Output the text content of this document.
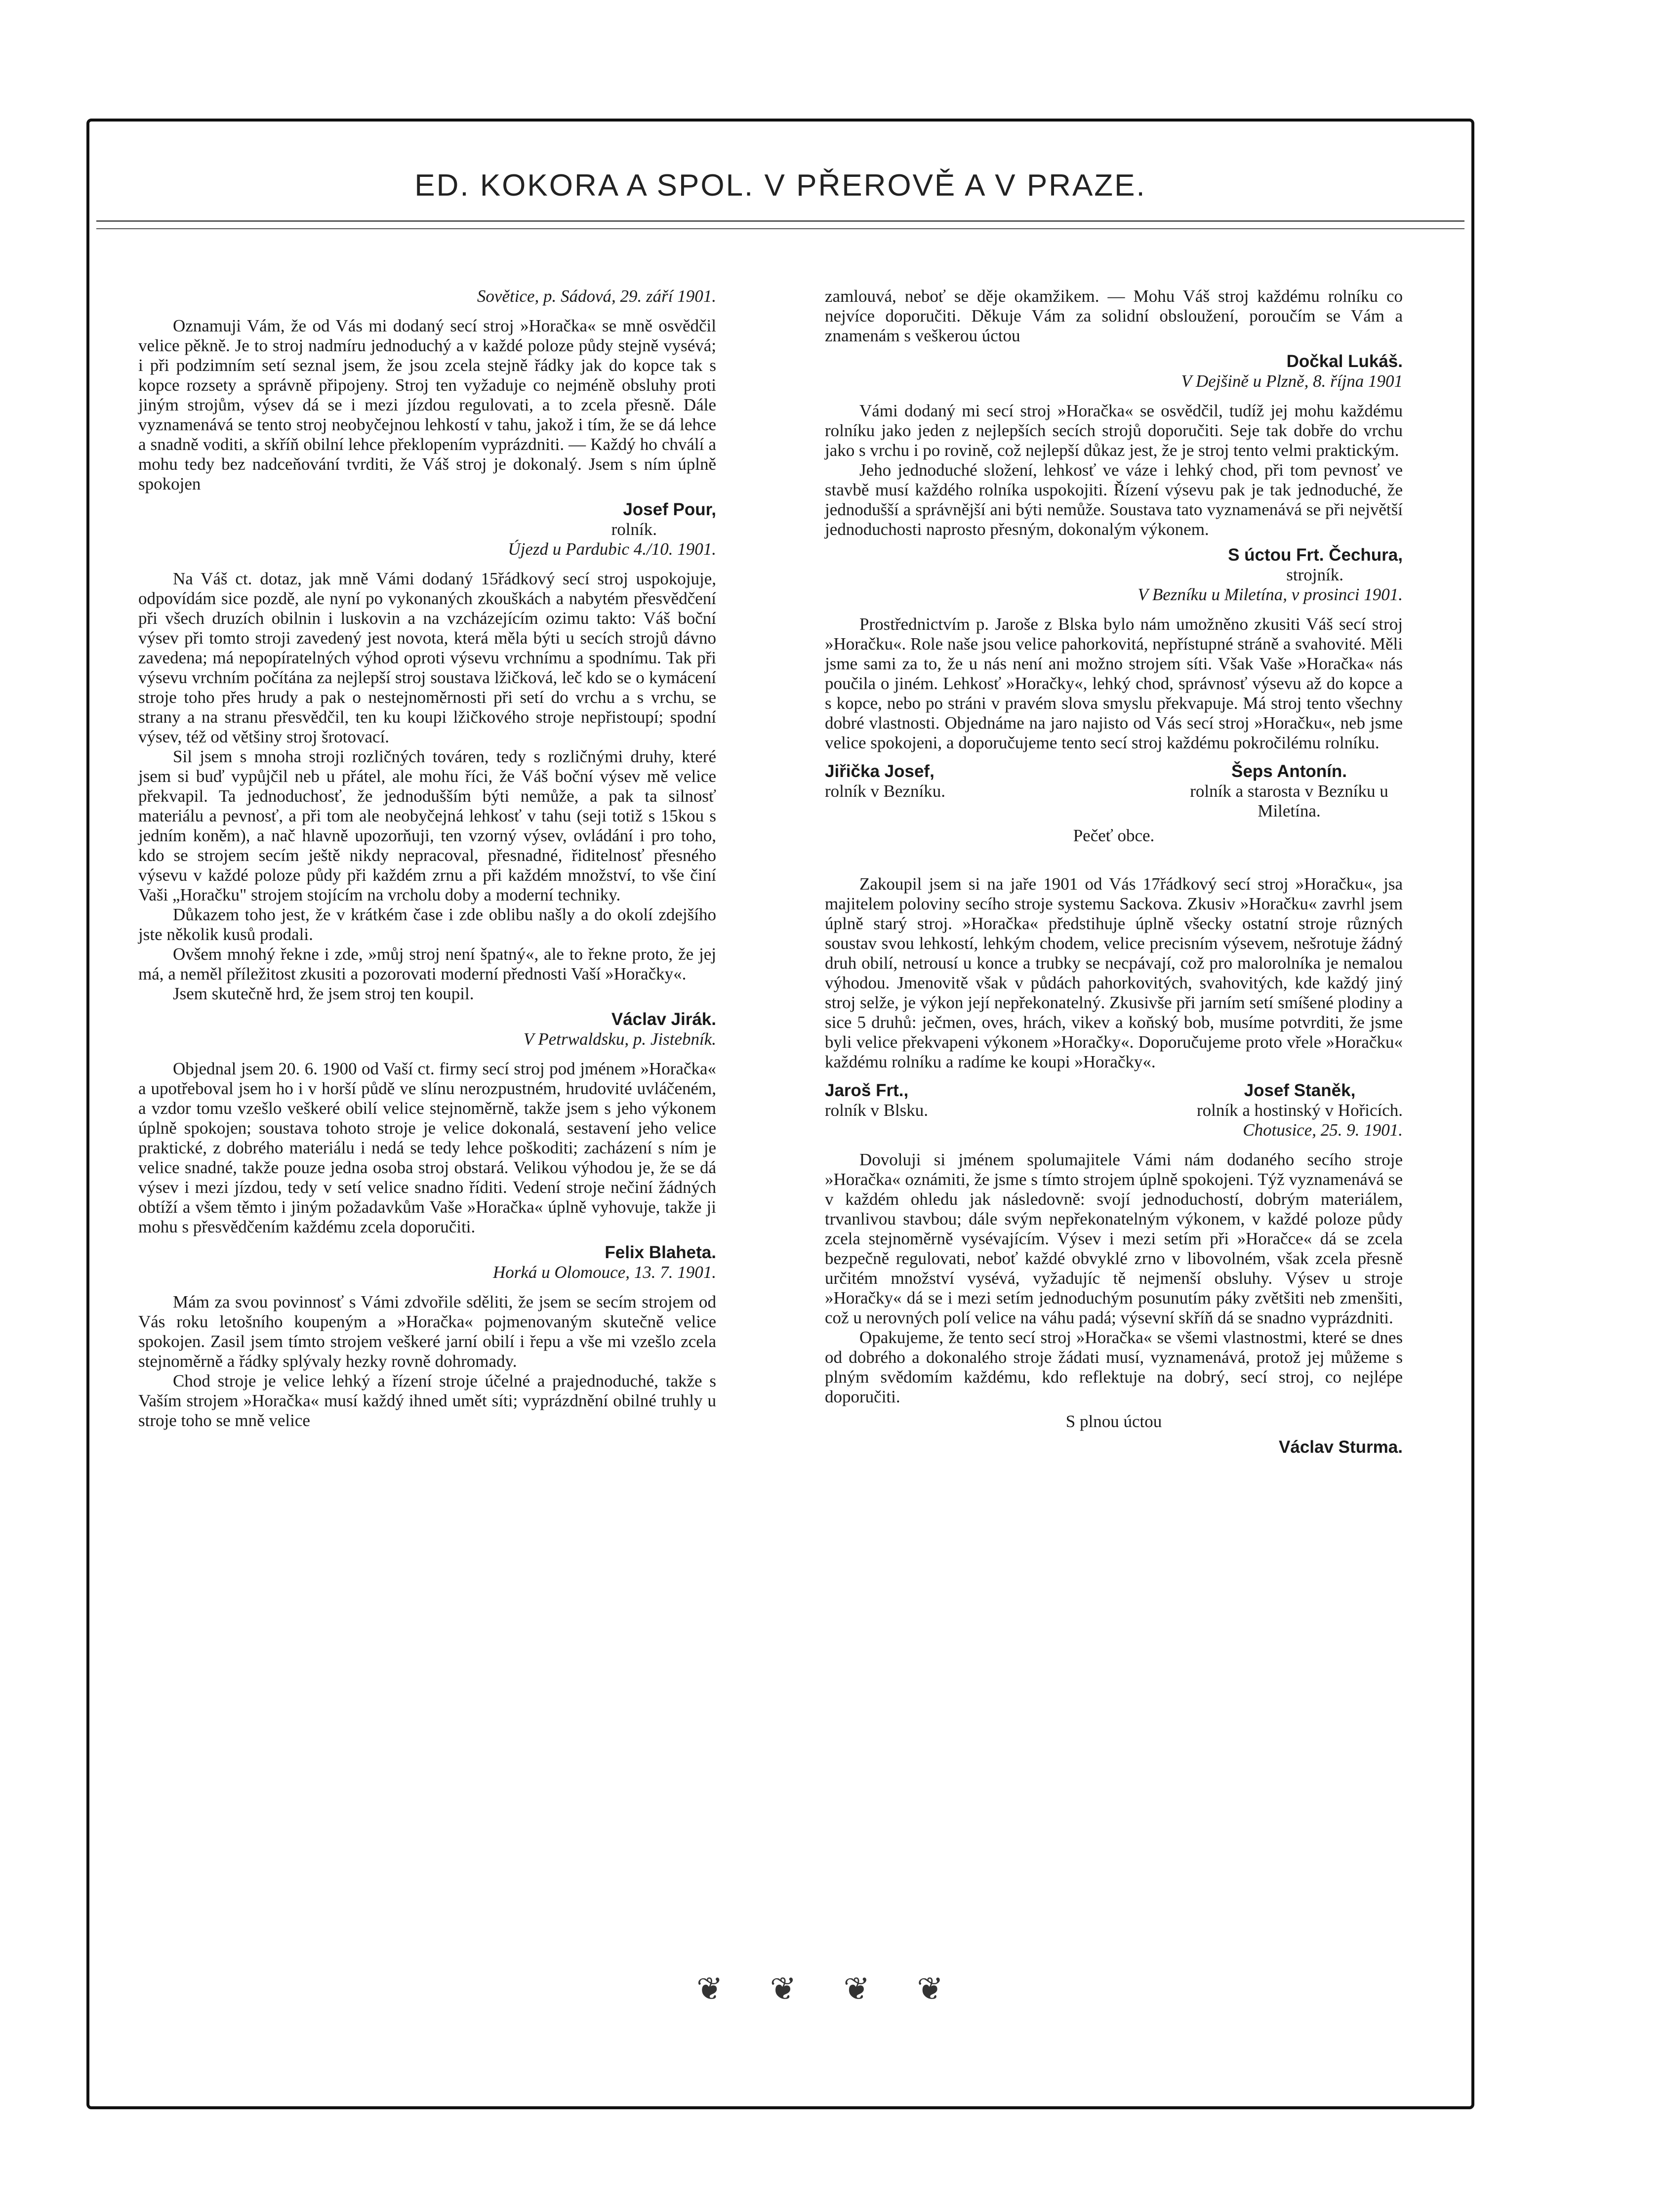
ED. KOKORA A SPOL. V PŘEROVĚ A V PRAZE.
Sovětice, p. Sádová, 29. září 1901.

Oznamuji Vám, že od Vás mi dodaný secí stroj »Horačka« se mně osvědčil velice pěkně. Je to stroj nadmíru jednoduchý a v každé poloze půdy stejně vysévá; i při podzimním setí seznal jsem, že jsou zcela stejně řádky jak do kopce tak s kopce rozsety a správně připojeny. Stroj ten vyžaduje co nejméně obsluhy proti jiným strojům, výsev dá se i mezi jízdou regulovati, a to zcela přesně. Dále vyznamenává se tento stroj neobyčejnou lehkostí v tahu, jakož i tím, že se dá lehce a snadně voditi, a skříň obilní lehce překlopením vyprázdniti. — Každý ho chválí a mohu tedy bez nadceňování tvrditi, že Váš stroj je dokonalý. Jsem s ním úplně spokojen

Josef Pour,
rolník.
Újezd u Pardubic 4./10. 1901.

Na Váš ct. dotaz, jak mně Vámi dodaný 15řádkový secí stroj uspokojuje, odpovídám sice pozdě, ale nyní po vykonaných zkouškách a nabytém přesvědčení při všech druzích obilnin i luskovin a na vzcházejícím ozimu takto: Váš boční výsev při tomto stroji zavedený jest novota, která měla býti u secích strojů dávno zavedena; má nepopíratelných výhod oproti výsevu vrchnímu a spodnímu. Tak při výsevu vrchním počítána za nejlepší stroj soustava lžičková, leč kdo se o kymácení stroje toho přes hrudy a pak o nestejnoměrnosti při setí do vrchu a s vrchu, se strany a na stranu přesvědčil, ten ku koupi lžičkového stroje nepřistoupí; spodní výsev, též od většiny stroj šrotovací.

Sil jsem s mnoha stroji rozličných továren, tedy s rozličnými druhy, které jsem si buď vypůjčil neb u přátel, ale mohu říci, že Váš boční výsev mě velice překvapil. Ta jednoduchosť, že jednodušším býti nemůže, a pak ta silnosť materiálu a pevnosť, a při tom ale neobyčejná lehkosť v tahu (seji totiž s 15kou s jedním koněm), a nač hlavně upozorňuji, ten vzorný výsev, ovládání i pro toho, kdo se strojem secím ještě nikdy nepracoval, přesnadné, řiditelnosť přesného výsevu v každé poloze půdy při každém zrnu a při každém množství, to vše činí Vaši „Horačku" strojem stojícím na vrcholu doby a moderní techniky.

Důkazem toho jest, že v krátkém čase i zde oblibu našly a do okolí zdejšího jste několik kusů prodali.

Ovšem mnohý řekne i zde, »můj stroj není špatný«, ale to řekne proto, že jej má, a neměl příležitost zkusiti a pozorovati moderní přednosti Vaší »Horačky«.

Jsem skutečně hrd, že jsem stroj ten koupil.

Václav Jirák.
V Petrwaldsku, p. Jistebník.

Objednal jsem 20. 6. 1900 od Vaší ct. firmy secí stroj pod jménem »Horačka« a upotřeboval jsem ho i v horší půdě ve slínu nerozpustném, hrudovité uvláčeném, a vzdor tomu vzešlo veškeré obilí velice stejnoměrně, takže jsem s jeho výkonem úplně spokojen; soustava tohoto stroje je velice dokonalá, sestavení jeho velice praktické, z dobrého materiálu i nedá se tedy lehce poškoditi; zacházení s ním je velice snadné, takže pouze jedna osoba stroj obstará. Velikou výhodou je, že se dá výsev i mezi jízdou, tedy v setí velice snadno říditi. Vedení stroje nečiní žádných obtíží a všem těmto i jiným požadavkům Vaše »Horačka« úplně vyhovuje, takže ji mohu s přesvědčením každému zcela doporučiti.

Felix Blaheta.
Horká u Olomouce, 13. 7. 1901.

Mám za svou povinnosť s Vámi zdvořile sděliti, že jsem se secím strojem od Vás roku letošního koupeným a »Horačka« pojmenovaným skutečně velice spokojen. Zasil jsem tímto strojem veškeré jarní obilí i řepu a vše mi vzešlo zcela stejnoměrně a řádky splývaly hezky rovně dohromady.

Chod stroje je velice lehký a řízení stroje účelné a prajednoduché, takže s Vaším strojem »Horačka« musí každý ihned umět síti; vyprázdnění obilné truhly u stroje toho se mně velice

zamlouvá, neboť se děje okamžikem. — Mohu Váš stroj každému rolníku co nejvíce doporučiti. Děkuje Vám za solidní obsloužení, poroučím se Vám a znamenám s veškerou úctou

Dočkal Lukáš.
V Dejšině u Plzně, 8. října 1901

Vámi dodaný mi secí stroj »Horačka« se osvědčil, tudíž jej mohu každému rolníku jako jeden z nejlepších secích strojů doporučiti. Seje tak dobře do vrchu jako s vrchu i po rovině, což nejlepší důkaz jest, že je stroj tento velmi praktickým.

Jeho jednoduché složení, lehkosť ve váze i lehký chod, při tom pevnosť ve stavbě musí každého rolníka uspokojiti. Řízení výsevu pak je tak jednoduché, že jednodušší a správnější ani býti nemůže. Soustava tato vyznamenává se při největší jednoduchosti naprosto přesným, dokonalým výkonem.

S úctou Frt. Čechura,
strojník.
V Bezníku u Miletína, v prosinci 1901.

Prostřednictvím p. Jaroše z Blska bylo nám umožněno zkusiti Váš secí stroj »Horačku«. Role naše jsou velice pahorkovitá, nepřístupné stráně a svahovité. Měli jsme sami za to, že u nás není ani možno strojem síti. Však Vaše »Horačka« nás poučila o jiném. Lehkosť »Horačky«, lehký chod, správnosť výsevu až do kopce a s kopce, nebo po stráni v pravém slova smyslu překvapuje. Má stroj tento všechny dobré vlastnosti. Objednáme na jaro najisto od Vás secí stroj »Horačku«, neb jsme velice spokojeni, a doporučujeme tento secí stroj každému pokročilému rolníku.

Jiřička Josef,
rolník v Bezníku.
Šeps Antonín.
rolník a starosta v Bezníku u Miletína.
Pečeť obce.

Zakoupil jsem si na jaře 1901 od Vás 17řádkový secí stroj »Horačku«, jsa majitelem poloviny secího stroje systemu Sackova. Zkusiv »Horačku« zavrhl jsem úplně starý stroj. »Horačka« předstihuje úplně všecky ostatní stroje různých soustav svou lehkostí, lehkým chodem, velice precisním výsevem, nešrotuje žádný druh obilí, netrousí u konce a trubky se necpávají, což pro malorolníka je nemalou výhodou. Jmenovitě však v půdách pahorkovitých, svahovitých, kde každý jiný stroj selže, je výkon její nepřekonatelný. Zkusivše při jarním setí smíšené plodiny a sice 5 druhů: ječmen, oves, hrách, vikev a koňský bob, musíme potvrditi, že jsme byli velice překvapeni výkonem »Horačky«. Doporučujeme proto vřele »Horačku« každému rolníku a radíme ke koupi »Horačky«.

Jaroš Frt.,
rolník v Blsku.
Josef Staněk,
rolník a hostinský v Hořicích.
Chotusice, 25. 9. 1901.

Dovoluji si jménem spolumajitele Vámi nám dodaného secího stroje »Horačka« oznámiti, že jsme s tímto strojem úplně spokojeni. Týž vyznamenává se v každém ohledu jak následovně: svojí jednoduchostí, dobrým materiálem, trvanlivou stavbou; dále svým nepřekonatelným výkonem, v každé poloze půdy zcela stejnoměrně vysévajícím. Výsev i mezi setím při »Horačce« dá se zcela bezpečně regulovati, neboť každé obvyklé zrno v libovolném, však zcela přesně určitém množství vysévá, vyžadujíc tě nejmenší obsluhy. Výsev u stroje »Horačky« dá se i mezi setím jednoduchým posunutím páky zvětšiti neb zmenšiti, což u nerovných polí velice na váhu padá; výsevní skříň dá se snadno vyprázdniti.

Opakujeme, že tento secí stroj »Horačka« se všemi vlastnostmi, které se dnes od dobrého a dokonalého stroje žádati musí, vyznamenává, protož jej můžeme s plným svědomím každému, kdo reflektuje na dobrý, secí stroj, co nejlépe doporučiti.

S plnou úctou
Václav Sturma.
❦ ❦ ❦ ❦
